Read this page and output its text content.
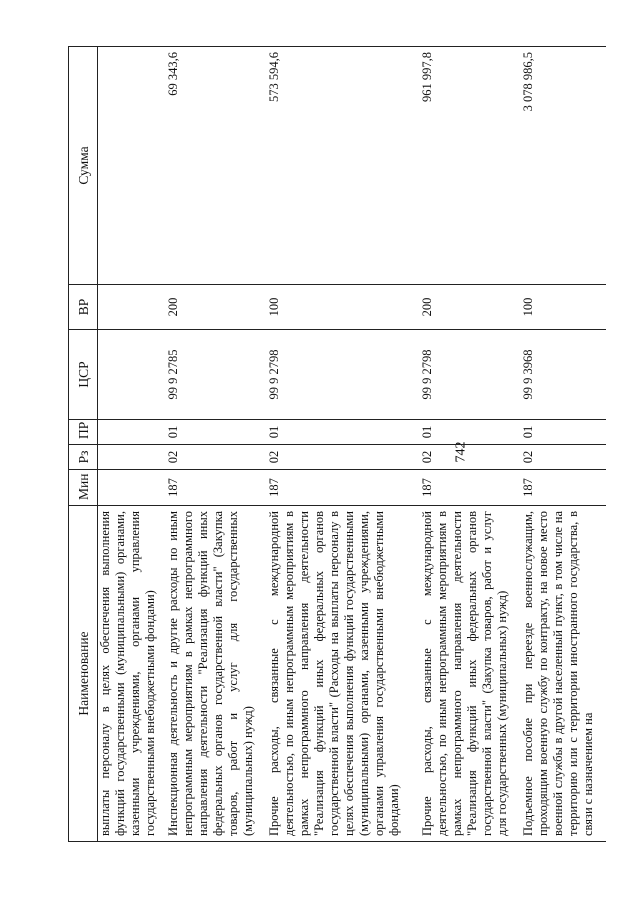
742
Наименование	Мин	Рз	ПР	ЦСР	ВР	Сумма
выплаты персоналу в целях обеспечения выполнения функций государственными (муниципальными) органами, казенными учреждениями, органами управления государственными внебюджетными фондами)						
Инспекционная деятельность и другие расходы по иным непрограммным мероприятиям в рамках непрограммного направления деятельности "Реализация функций иных федеральных органов государственной власти" (Закупка товаров, работ и услуг для государственных (муниципальных) нужд)	187	02	01	99 9 2785	200	69 343,6
Прочие расходы, связанные с международной деятельностью, по иным непрограммным мероприятиям в рамках непрограммного направления деятельности "Реализация функций иных федеральных органов государственной власти" (Расходы на выплаты персоналу в целях обеспечения выполнения функций государственными (муниципальными) органами, казенными учреждениями, органами управления государственными внебюджетными фондами)	187	02	01	99 9 2798	100	573 594,6
Прочие расходы, связанные с международной деятельностью, по иным непрограммным мероприятиям в рамках непрограммного направления деятельности "Реализация функций иных федеральных органов государственной власти" (Закупка товаров, работ и услуг для государственных (муниципальных) нужд)	187	02	01	99 9 2798	200	961 997,8
Подъемное пособие при переезде военнослужащим, проходящим военную службу по контракту, на новое место военной службы в другой населенный пункт, в том числе на территорию или с территории иностранного государства, в связи с назначением на	187	02	01	99 9 3968	100	3 078 986,5
